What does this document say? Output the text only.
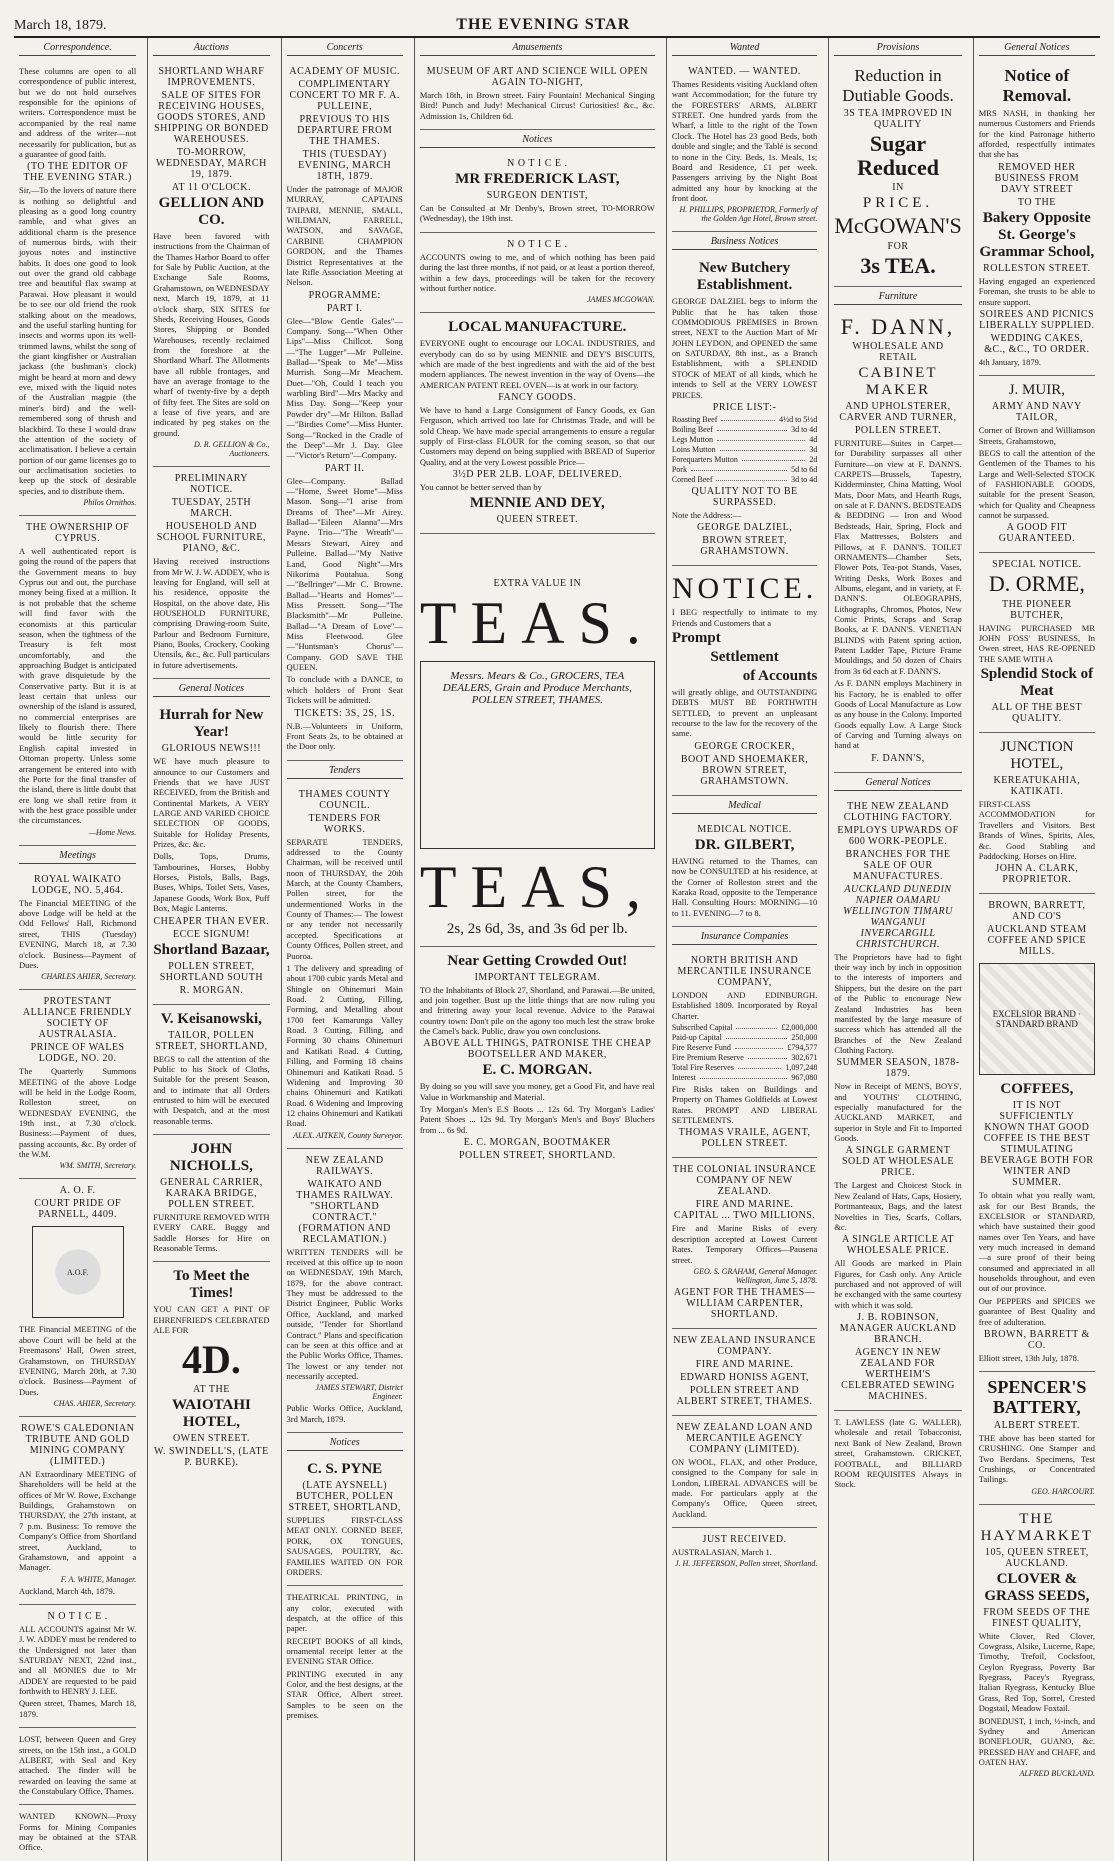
March 18, 1879.	THE EVENING STAR
Correspondence.

These columns are open to all correspondence of public interest, but we do not hold ourselves responsible for the opinions of writers. Correspondence must be accompanied by the real name and address of the writer—not necessarily for publication, but as a guarantee of good faith.

(TO THE EDITOR OF THE EVENING STAR.)

Sir,—To the lovers of nature there is nothing so delightful and pleasing as a good long country ramble, and what gives an additional charm is the presence of numerous birds, with their joyous notes and instinctive habits. It does one good to look out over the grand old cabbage tree and beautiful flax swamp at Parawai. How pleasant it would be to see our old friend the rook stalking about on the meadows, and the useful starling hunting for insects and worms upon its well-trimmed lawns, whilst the song of the giant kingfisher or Australian jackass (the bushman's clock) might be heard at morn and dewy eve, mixed with the liquid notes of the Australian magpie (the miner's bird) and the well-remembered song of thrush and blackbird. To these I would draw the attention of the society of acclimatisation. I believe a certain portion of our game licenses go to our acclimatisation societies to keep up the stock of desirable species, and to distribute them.

Philos Ornithos.

THE OWNERSHIP OF CYPRUS.

A well authenticated report is going the round of the papers that the Government means to buy Cyprus out and out, the purchase money being fixed at a million. It is not probable that the scheme will find favor with the economists at this particular season, when the tightness of the Treasury is felt most uncomfortably, and the approaching Budget is anticipated with grave disquietude by the Conservative party. But it is at least certain that unless our ownership of the island is assured, no commercial enterprises are likely to flourish there. There would be little security for English capital invested in Ottoman property. Unless some arrangement be entered into with the Porte for the final transfer of the island, there is little doubt that ere long we shall retire from it with the best grace possible under the circumstances.

—Home News.

Meetings

ROYAL WAIKATO LODGE, NO. 5,464.

The Financial MEETING of the above Lodge will be held at the Odd Fellows' Hall, Richmond street, THIS (Tuesday) EVENING, March 18, at 7.30 o'clock. Business—Payment of Dues.

CHARLES AHIER, Secretary.

PROTESTANT ALLIANCE FRIENDLY SOCIETY OF AUSTRALASIA.

PRINCE OF WALES LODGE, NO. 20.

The Quarterly Summons MEETING of the above Lodge will be held in the Lodge Room, Rolleston street, on WEDNESDAY EVENING, the 19th inst., at 7.30 o'clock. Business:—Payment of dues, passing accounts, &c. By order of the W.M.

WM. SMITH, Secretary.

A. O. F.

COURT PRIDE OF PARNELL, 4409.

A.O.F.

THE Financial MEETING of the above Court will be held at the Freemasons' Hall, Owen street, Grahamstown, on THURSDAY EVENING, March 20th, at 7.30 o'clock. Business—Payment of Dues.

CHAS. AHIER, Secretary.

ROWE'S CALEDONIAN TRIBUTE AND GOLD MINING COMPANY (LIMITED.)

AN Extraordinary MEETING of Shareholders will be held at the offices of Mr W. Rowe, Exchange Buildings, Grahamstown on THURSDAY, the 27th instant, at 7 p.m. Business: To remove the Company's Office from Shortland street, Auckland, to Grahamstown, and appoint a Manager.

F. A. WHITE, Manager.

Auckland, March 4th, 1879.

N O T I C E .

ALL ACCOUNTS against Mr W. J. W. ADDEY must be rendered to the Undersigned not later than SATURDAY NEXT, 22nd inst., and all MONIES due to Mr ADDEY are requested to be paid forthwith to HENRY J. LEE.

Queen street, Thames, March 18, 1879.

LOST, between Queen and Grey streets, on the 15th inst., a GOLD ALBERT, with Seal and Key attached. The finder will be rewarded on leaving the same at the Constabulary Office, Thames.

WANTED KNOWN—Proxy Forms for Mining Companies may be obtained at the STAR Office.

Auctions

SHORTLAND WHARF IMPROVEMENTS.

SALE OF SITES FOR RECEIVING HOUSES, GOODS STORES, AND SHIPPING OR BONDED WAREHOUSES.

TO-MORROW, WEDNESDAY, MARCH 19, 1879.

AT 11 O'CLOCK.

GELLION AND CO.

Have been favored with instructions from the Chairman of the Thames Harbor Board to offer for Sale by Public Auction, at the Exchange Sale Rooms, Grahamstown, on WEDNESDAY next, March 19, 1879, at 11 o'clock sharp, SIX SITES for Sheds, Receiving Houses, Goods Stores, Shipping or Bonded Warehouses, recently reclaimed from the foreshore at the Shortland Wharf. The Allotments have all rubble frontages, and have an average frontage to the wharf of twenty-five by a depth of fifty feet. The Sites are sold on a lease of five years, and are indicated by peg stakes on the ground.

D. R. GELLION & Co., Auctioneers.

PRELIMINARY NOTICE.

TUESDAY, 25TH MARCH.

HOUSEHOLD AND SCHOOL FURNITURE, PIANO, &C.

Having received instructions from Mr W. J. W. ADDEY, who is leaving for England, will sell at his residence, opposite the Hospital, on the above date, His HOUSEHOLD FURNITURE, comprising Drawing-room Suite, Parlour and Bedroom Furniture, Piano, Books, Crockery, Cooking Utensils, &c., &c. Full particulars in future advertisements.

General Notices

Hurrah for New Year!

GLORIOUS NEWS!!!

WE have much pleasure to announce to our Customers and Friends that we have JUST RECEIVED, from the British and Continental Markets, A VERY LARGE AND VARIED CHOICE SELECTION OF GOODS, Suitable for Holiday Presents, Prizes, &c. &c.

Dolls, Tops, Drums, Tambourines, Horses, Hobby Horses, Pistols, Balls, Bags, Buses, Whips, Toilet Sets, Vases, Japanese Goods, Work Box, Puff Box, Magic Lanterns.

CHEAPER THAN EVER.

ECCE SIGNUM!

Shortland Bazaar,

POLLEN STREET, SHORTLAND SOUTH

R. MORGAN.

V. Keisanowski,

TAILOR, POLLEN STREET, SHORTLAND,

BEGS to call the attention of the Public to his Stock of Cloths, Suitable for the present Season, and to intimate that all Orders entrusted to him will be executed with Despatch, and at the most reasonable terms.

JOHN NICHOLLS,

GENERAL CARRIER, KARAKA BRIDGE, POLLEN STREET.

FURNITURE REMOVED WITH EVERY CARE. Buggy and Saddle Horses for Hire on Reasonable Terms.

To Meet the Times!

YOU CAN GET A PINT OF EHRENFRIED'S CELEBRATED ALE FOR

4D.

AT THE

WAIOTAHI HOTEL,

OWEN STREET.

W. SWINDELL'S, (LATE P. BURKE).

Concerts

ACADEMY OF MUSIC.

COMPLIMENTARY CONCERT TO MR F. A. PULLEINE,

PREVIOUS TO HIS DEPARTURE FROM THE THAMES.

THIS (TUESDAY) EVENING, MARCH 18TH, 1879.

Under the patronage of MAJOR MURRAY, CAPTAINS TAIPARI, MENNIE, SMALL, WILDMAN, FARRELL, WATSON, and SAVAGE, CARBINE CHAMPION GORDON, and the Thames District Representatives at the late Rifle Association Meeting at Nelson.

PROGRAMME:

PART I.

Glee—"Blow Gentle Gales"—Company. Song—"When Other Lips"—Miss Chillcot. Song—"The Lugger"—Mr Pulleine. Ballad—"Speak to Me"—Miss Murrish. Song—Mr Meachem. Duet—"Oh, Could I teach you warbling Bird"—Mrs Macky and Miss Day. Song—"Keep your Powder dry"—Mr Hilton. Ballad—"Birdies Come"—Miss Hunter. Song—"Rocked in the Cradle of the Deep"—Mr J. Day. Glee—"Victor's Return"—Company.

PART II.

Glee—Company. Ballad—"Home, Sweet Home"—Miss Mason. Song—"I arise from Dreams of Thee"—Mr Airey. Ballad—"Eileen Alanna"—Mrs Payne. Trio—"The Wreath"—Messrs Stewart, Airey and Pulleine. Ballad—"My Native Land, Good Night"—Mrs Nikorima Poutahua. Song—"Bellringer"—Mr C. Browne. Ballad—"Hearts and Homes"—Miss Pressett. Song—"The Blacksmith"—Mr Pulleine. Ballad—"A Dream of Love"—Miss Fleetwood. Glee—"Huntsman's Chorus"—Company. GOD SAVE THE QUEEN.

To conclude with a DANCE, to which holders of Front Seat Tickets will be admitted.

TICKETS: 3S, 2S, 1S.

N.B.—Volunteers in Uniform, Front Seats 2s, to be obtained at the Door only.

Tenders

THAMES COUNTY COUNCIL.

TENDERS FOR WORKS.

SEPARATE TENDERS, addressed to the County Chairman, will be received until noon of THURSDAY, the 20th March, at the County Chambers, Pollen street, for the undermentioned Works in the County of Thames:— The lowest or any tender not necessarily accepted. Specifications at County Offices, Pollen street, and Puoroa.

1 The delivery and spreading of about 1700 cubic yards Metal and Shingle on Ohinemuri Main Road. 2 Cutting, Filling, Forming, and Metalling about 1700 feet Kamarunga Valley Road. 3 Cutting, Filling, and Forming 30 chains Ohinemuri and Katikati Road. 4 Cutting, Filling, and Forming 18 chains Ohinemuri and Katikati Road. 5 Widening and Improving 30 chains Ohinemuri and Katikati Road. 6 Widening and Improving 12 chains Ohinemuri and Katikati Road.

ALEX. AITKEN, County Surveyor.

NEW ZEALAND RAILWAYS.

WAIKATO AND THAMES RAILWAY. "SHORTLAND CONTRACT." (FORMATION AND RECLAMATION.)

WRITTEN TENDERS will be received at this office up to noon on WEDNESDAY, 19th March, 1879, for the above contract. They must be addressed to the District Engineer, Public Works Office, Auckland, and marked outside, "Tender for Shortland Contract." Plans and specification can be seen at this office and at the Public Works Office, Thames. The lowest or any tender not necessarily accepted.

JAMES STEWART, District Engineer.

Public Works Office, Auckland, 3rd March, 1879.

Notices

C. S. PYNE

(LATE AYSNELL) BUTCHER, POLLEN STREET, SHORTLAND,

SUPPLIES FIRST-CLASS MEAT ONLY. CORNED BEEF, PORK, OX TONGUES, SAUSAGES, POULTRY, &c. FAMILIES WAITED ON FOR ORDERS.

THEATRICAL PRINTING, in any color, executed with despatch, at the office of this paper.

RECEIPT BOOKS of all kinds, ornamental receipt letter at the EVENING STAR Office.

PRINTING executed in any Color, and the best designs, at the STAR Office, Albert street. Samples to be seen on the premises.

Amusements

MUSEUM OF ART AND SCIENCE WILL OPEN AGAIN TO-NIGHT,

March 18th, in Brown street. Fairy Fountain! Mechanical Singing Bird! Punch and Judy! Mechanical Circus! Curiosities! &c., &c. Admission 1s, Children 6d.

Notices

N O T I C E .

MR FREDERICK LAST,

SURGEON DENTIST,

Can be Consulted at Mr Denby's, Brown street, TO-MORROW (Wednesday), the 19th inst.

N O T I C E .

ACCOUNTS owing to me, and of which nothing has been paid during the last three months, if not paid, or at least a portion thereof, within a few days, proceedings will be taken for the recovery without further notice.

JAMES MCGOWAN.

LOCAL MANUFACTURE.

EVERYONE ought to encourage our LOCAL INDUSTRIES, and everybody can do so by using MENNIE and DEY'S BISCUITS, which are made of the best ingredients and with the aid of the best modern appliances. The newest invention in the way of Ovens—the AMERICAN PATENT REEL OVEN—is at work in our factory.

FANCY GOODS.

We have to hand a Large Consignment of Fancy Goods, ex Gan Ferguson, which arrived too late for Christmas Trade, and will be sold Cheap. We have made special arrangements to ensure a regular supply of First-class FLOUR for the coming season, so that our Customers may depend on being supplied with BREAD of Superior Quality, and at the very Lowest possible Price—

3½D PER 2LB. LOAF, DELIVERED.

You cannot be better served than by

MENNIE AND DEY,

QUEEN STREET.

EXTRA VALUE IN

TEAS.

Messrs. Mears & Co., GROCERS, TEA DEALERS, Grain and Produce Merchants, POLLEN STREET, THAMES.

TEAS,

2s, 2s 6d, 3s, and 3s 6d per lb.

Near Getting Crowded Out!

IMPORTANT TELEGRAM.

TO the Inhabitants of Block 27, Shortland, and Parawai.—Be united, and join together. Bust up the little things that are now ruling you and frittering away your local revenue. Advice to the Parawai country town: Don't pile on the agony too much lest the straw broke the Camel's back. Public, draw you own conclusions.

ABOVE ALL THINGS, PATRONISE THE CHEAP BOOTSELLER AND MAKER,

E. C. MORGAN.

By doing so you will save you money, get a Good Fit, and have real Value in Workmanship and Material.

Try Morgan's Men's E.S Boots ... 12s 6d. Try Morgan's Ladies' Patent Shoes ... 12s 9d. Try Morgan's Men's and Boys' Bluchers from ... 6s 9d.

E. C. MORGAN, BOOTMAKER

POLLEN STREET, SHORTLAND.

Wanted

WANTED. — WANTED.

Thames Residents visiting Auckland often want Accommodation; for the future try the FORESTERS' ARMS, ALBERT STREET. One hundred yards from the Wharf, a little to the right of the Town Clock. The Hotel has 23 good Beds, both double and single; and the Tablé is second to none in the City. Beds, 1s. Meals, 1s; Board and Residence, £1 per week. Passengers arriving by the Night Boat admitted any hour by knocking at the front door.

H. PHILLIPS, PROPRIETOR, Formerly of the Golden Age Hotel, Brown street.

Business Notices

New Butchery Establishment.

GEORGE DALZIEL begs to inform the Public that he has taken those COMMODIOUS PREMISES in Brown street, NEXT to the Auction Mart of Mr JOHN LEYDON, and OPENED the same on SATURDAY, 8th inst., as a Branch Establishment, with a SPLENDID STOCK of MEAT of all kinds, which he intends to Sell at the VERY LOWEST PRICES.

PRICE LIST:-

Roasting Beef	4½d to 5½d
Boiling Beef	3d to 4d
Legs Mutton	4d
Loins Mutton	3d
Forequarters Mutton	2d
Pork	5d to 6d
Corned Beef	3d to 4d

QUALITY NOT TO BE SURPASSED.

Note the Address:—

GEORGE DALZIEL,

BROWN STREET, GRAHAMSTOWN.

NOTICE.

I BEG respectfully to intimate to my Friends and Customers that a

Prompt

Settlement

of Accounts

will greatly oblige, and OUTSTANDING DEBTS MUST BE FORTHWITH SETTLED, to prevent an unpleasant recourse to the law for the recovery of the same.

GEORGE CROCKER,

BOOT AND SHOEMAKER, BROWN STREET, GRAHAMSTOWN.

Medical

MEDICAL NOTICE.

DR. GILBERT,

HAVING returned to the Thames, can now be CONSULTED at his residence, at the Corner of Rolleston street and the Karaka Road, opposite to the Temperance Hall. Consulting Hours: MORNING—10 to 11. EVENING—7 to 8.

Insurance Companies

NORTH BRITISH AND MERCANTILE INSURANCE COMPANY,

LONDON AND EDINBURGH. Established 1809. Incorporated by Royal Charter.

Subscribed Capital	£2,000,000
Paid-up Capital	250,000
Fire Reserve Fund	£794,577
Fire Premium Reserve	302,671
Total Fire Reserves	1,097,248
Interest	967,080

Fire Risks taken on Buildings and Property on Thames Goldfields at Lowest Rates. PROMPT AND LIBERAL SETTLEMENTS.

THOMAS VRAILE, AGENT, POLLEN STREET.

THE COLONIAL INSURANCE COMPANY OF NEW ZEALAND.

FIRE AND MARINE. CAPITAL ... TWO MILLIONS.

Fire and Marine Risks of every description accepted at Lowest Current Rates. Temporary Offices—Pausena street.

GEO. S. GRAHAM, General Manager. Wellington, June 5, 1878.

AGENT FOR THE THAMES— WILLIAM CARPENTER, SHORTLAND.

NEW ZEALAND INSURANCE COMPANY.

FIRE AND MARINE.

EDWARD HONISS AGENT,

POLLEN STREET AND ALBERT STREET, THAMES.

NEW ZEALAND LOAN AND MERCANTILE AGENCY COMPANY (LIMITED).

ON WOOL, FLAX, and other Produce, consigned to the Company for sale in London, LIBERAL ADVANCES will be made. For particulars apply at the Company's Office, Queen street, Auckland.

JUST RECEIVED.

AUSTRALASIAN, March 1.

J. H. JEFFERSON, Pollen street, Shortland.

Provisions

Reduction in Dutiable Goods.

3S TEA IMPROVED IN QUALITY

Sugar Reduced

IN

PRICE.

McGOWAN'S

FOR

3s TEA.

Furniture

F. DANN,

WHOLESALE AND RETAIL

CABINET MAKER

AND UPHOLSTERER, CARVER AND TURNER,

POLLEN STREET.

FURNITURE—Suites in Carpet—for Durability surpasses all other Furniture—on view at F. DANN'S. CARPETS—Brussels, Tapestry, Kidderminster, China Matting, Wool Mats, Door Mats, and Hearth Rugs, on sale at F. DANN'S. BEDSTEADS & BEDDING — Iron and Wood Bedsteads, Hair, Spring, Flock and Flax Mattresses, Bolsters and Pillows, at F. DANN'S. TOILET ORNAMENTS—Chamber Sets, Flower Pots, Tea-pot Stands, Vases, Writing Desks, Work Boxes and Albums, elegant, and in variety, at F. DANN'S. OLEOGRAPHS, Lithographs, Chromos, Photos, New Comic Prints, Scraps and Scrap Books, at F. DANN'S. VENETIAN BLINDS with Patent spring action, Patent Ladder Tape, Picture Frame Mouldings, and 50 dozen of Chairs from 3s 6d each at F. DANN'S.

As F. DANN employs Machinery in his Factory, he is enabled to offer Goods of Local Manufacture as Low as any house in the Colony. Imported Goods equally Low. A Large Stock of Carving and Turning always on hand at

F. DANN'S,

General Notices

THE NEW ZEALAND CLOTHING FACTORY.

EMPLOYS UPWARDS OF 600 WORK-PEOPLE.

BRANCHES FOR THE SALE OF OUR MANUFACTURES.

AUCKLAND DUNEDIN NAPIER OAMARU WELLINGTON TIMARU WANGANUI INVERCARGILL CHRISTCHURCH.

The Proprietors have had to fight their way inch by inch in opposition to the interests of importers and Shippers, but the desire on the part of the Public to encourage New Zealand Industries has been manifested by the large measure of success which has attended all the Branches of the New Zealand Clothing Factory.

SUMMER SEASON, 1878-1879.

Now in Receipt of MEN'S, BOYS', and YOUTHS' CLOTHING, especially manufactured for the AUCKLAND MARKET, and superior in Style and Fit to Imported Goods.

A SINGLE GARMENT SOLD AT WHOLESALE PRICE.

The Largest and Choicest Stock in New Zealand of Hats, Caps, Hosiery, Portmanteaux, Bags, and the latest Novelties in Ties, Scarfs, Collars, &c.

A SINGLE ARTICLE AT WHOLESALE PRICE.

All Goods are marked in Plain Figures, for Cash only. Any Article purchased and not approved of will be exchanged with the same courtesy with which it was sold.

J. B. ROBINSON, MANAGER AUCKLAND BRANCH.

AGENCY IN NEW ZEALAND FOR WERTHEIM'S CELEBRATED SEWING MACHINES.

T. LAWLESS (late G. WALLER), wholesale and retail Tobacconist, next Bank of New Zealand, Brown street, Grahamstown. CRICKET, FOOTBALL, and BILLIARD ROOM REQUISITES Always in Stock.

General Notices

Notice of Removal.

MRS NASH, in thanking her numerous Customers and Friends for the kind Patronage hitherto afforded, respectfully intimates that she has

REMOVED HER BUSINESS FROM DAVY STREET

TO THE

Bakery Opposite St. George's Grammar School,

ROLLESTON STREET.

Having engaged an experienced Foreman, she trusts to be able to ensure support.

SOIREES AND PICNICS LIBERALLY SUPPLIED.

WEDDING CAKES, &C., &C., TO ORDER.

4th January, 1879.

J. MUIR,

ARMY AND NAVY TAILOR,

Corner of Brown and Williamson Streets, Grahamstown,

BEGS to call the attention of the Gentlemen of the Thames to his Large and Well-Selected STOCK of FASHIONABLE GOODS, suitable for the present Season, which for Quality and Cheapness cannot be surpassed.

A GOOD FIT GUARANTEED.

SPECIAL NOTICE.

D. ORME,

THE PIONEER BUTCHER,

HAVING PURCHASED MR JOHN FOSS' BUSINESS, In Owen street, HAS RE-OPENED THE SAME WITH A

Splendid Stock of Meat

ALL OF THE BEST QUALITY.

JUNCTION HOTEL,

KEREATUKAHIA, KATIKATI.

FIRST-CLASS ACCOMMODATION for Travellers and Visitors. Best Brands of Wines, Spirits, Ales, &c. Good Stabling and Paddocking. Horses on Hire.

JOHN A. CLARK, PROPRIETOR.

BROWN, BARRETT, AND CO'S

AUCKLAND STEAM COFFEE AND SPICE MILLS.

EXCELSIOR BRAND · STANDARD BRAND

COFFEES,

IT IS NOT SUFFICIENTLY KNOWN THAT GOOD COFFEE IS THE BEST STIMULATING BEVERAGE BOTH FOR WINTER AND SUMMER.

To obtain what you really want, ask for our Best Brands, the EXCELSIOR or STANDARD, which have sustained their good names over Ten Years, and have very much increased in demand—a sure proof of their being consumed and appreciated in all households throughout, and even out of our province.

Our PEPPERS and SPICES we guarantee of Best Quality and free of adulteration.

BROWN, BARRETT & CO.

Elliott street, 13th July, 1878.

SPENCER'S BATTERY,

ALBERT STREET.

THE above has been started for CRUSHING. One Stamper and Two Berdans. Specimens, Test Crushings, or Concentrated Tailings.

GEO. HARCOURT.

THE HAYMARKET

105, QUEEN STREET, AUCKLAND.

CLOVER & GRASS SEEDS,

FROM SEEDS OF THE FINEST QUALITY,

White Clover, Red Clover, Cowgrass, Alsike, Lucerne, Rape, Timothy, Trefoil, Cocksfoot, Ceylon Ryegrass, Poverty Bar Ryegrass, Pacey's Ryegrass, Italian Ryegrass, Kentucky Blue Grass, Red Top, Sorrel, Crested Dogstail, Meadow Foxtail.

BONEDUST, 1 inch, ½-inch, and Sydney and American BONEFLOUR, GUANO, &c. PRESSED HAY and CHAFF, and OATEN HAY.

ALFRED BUCKLAND.
